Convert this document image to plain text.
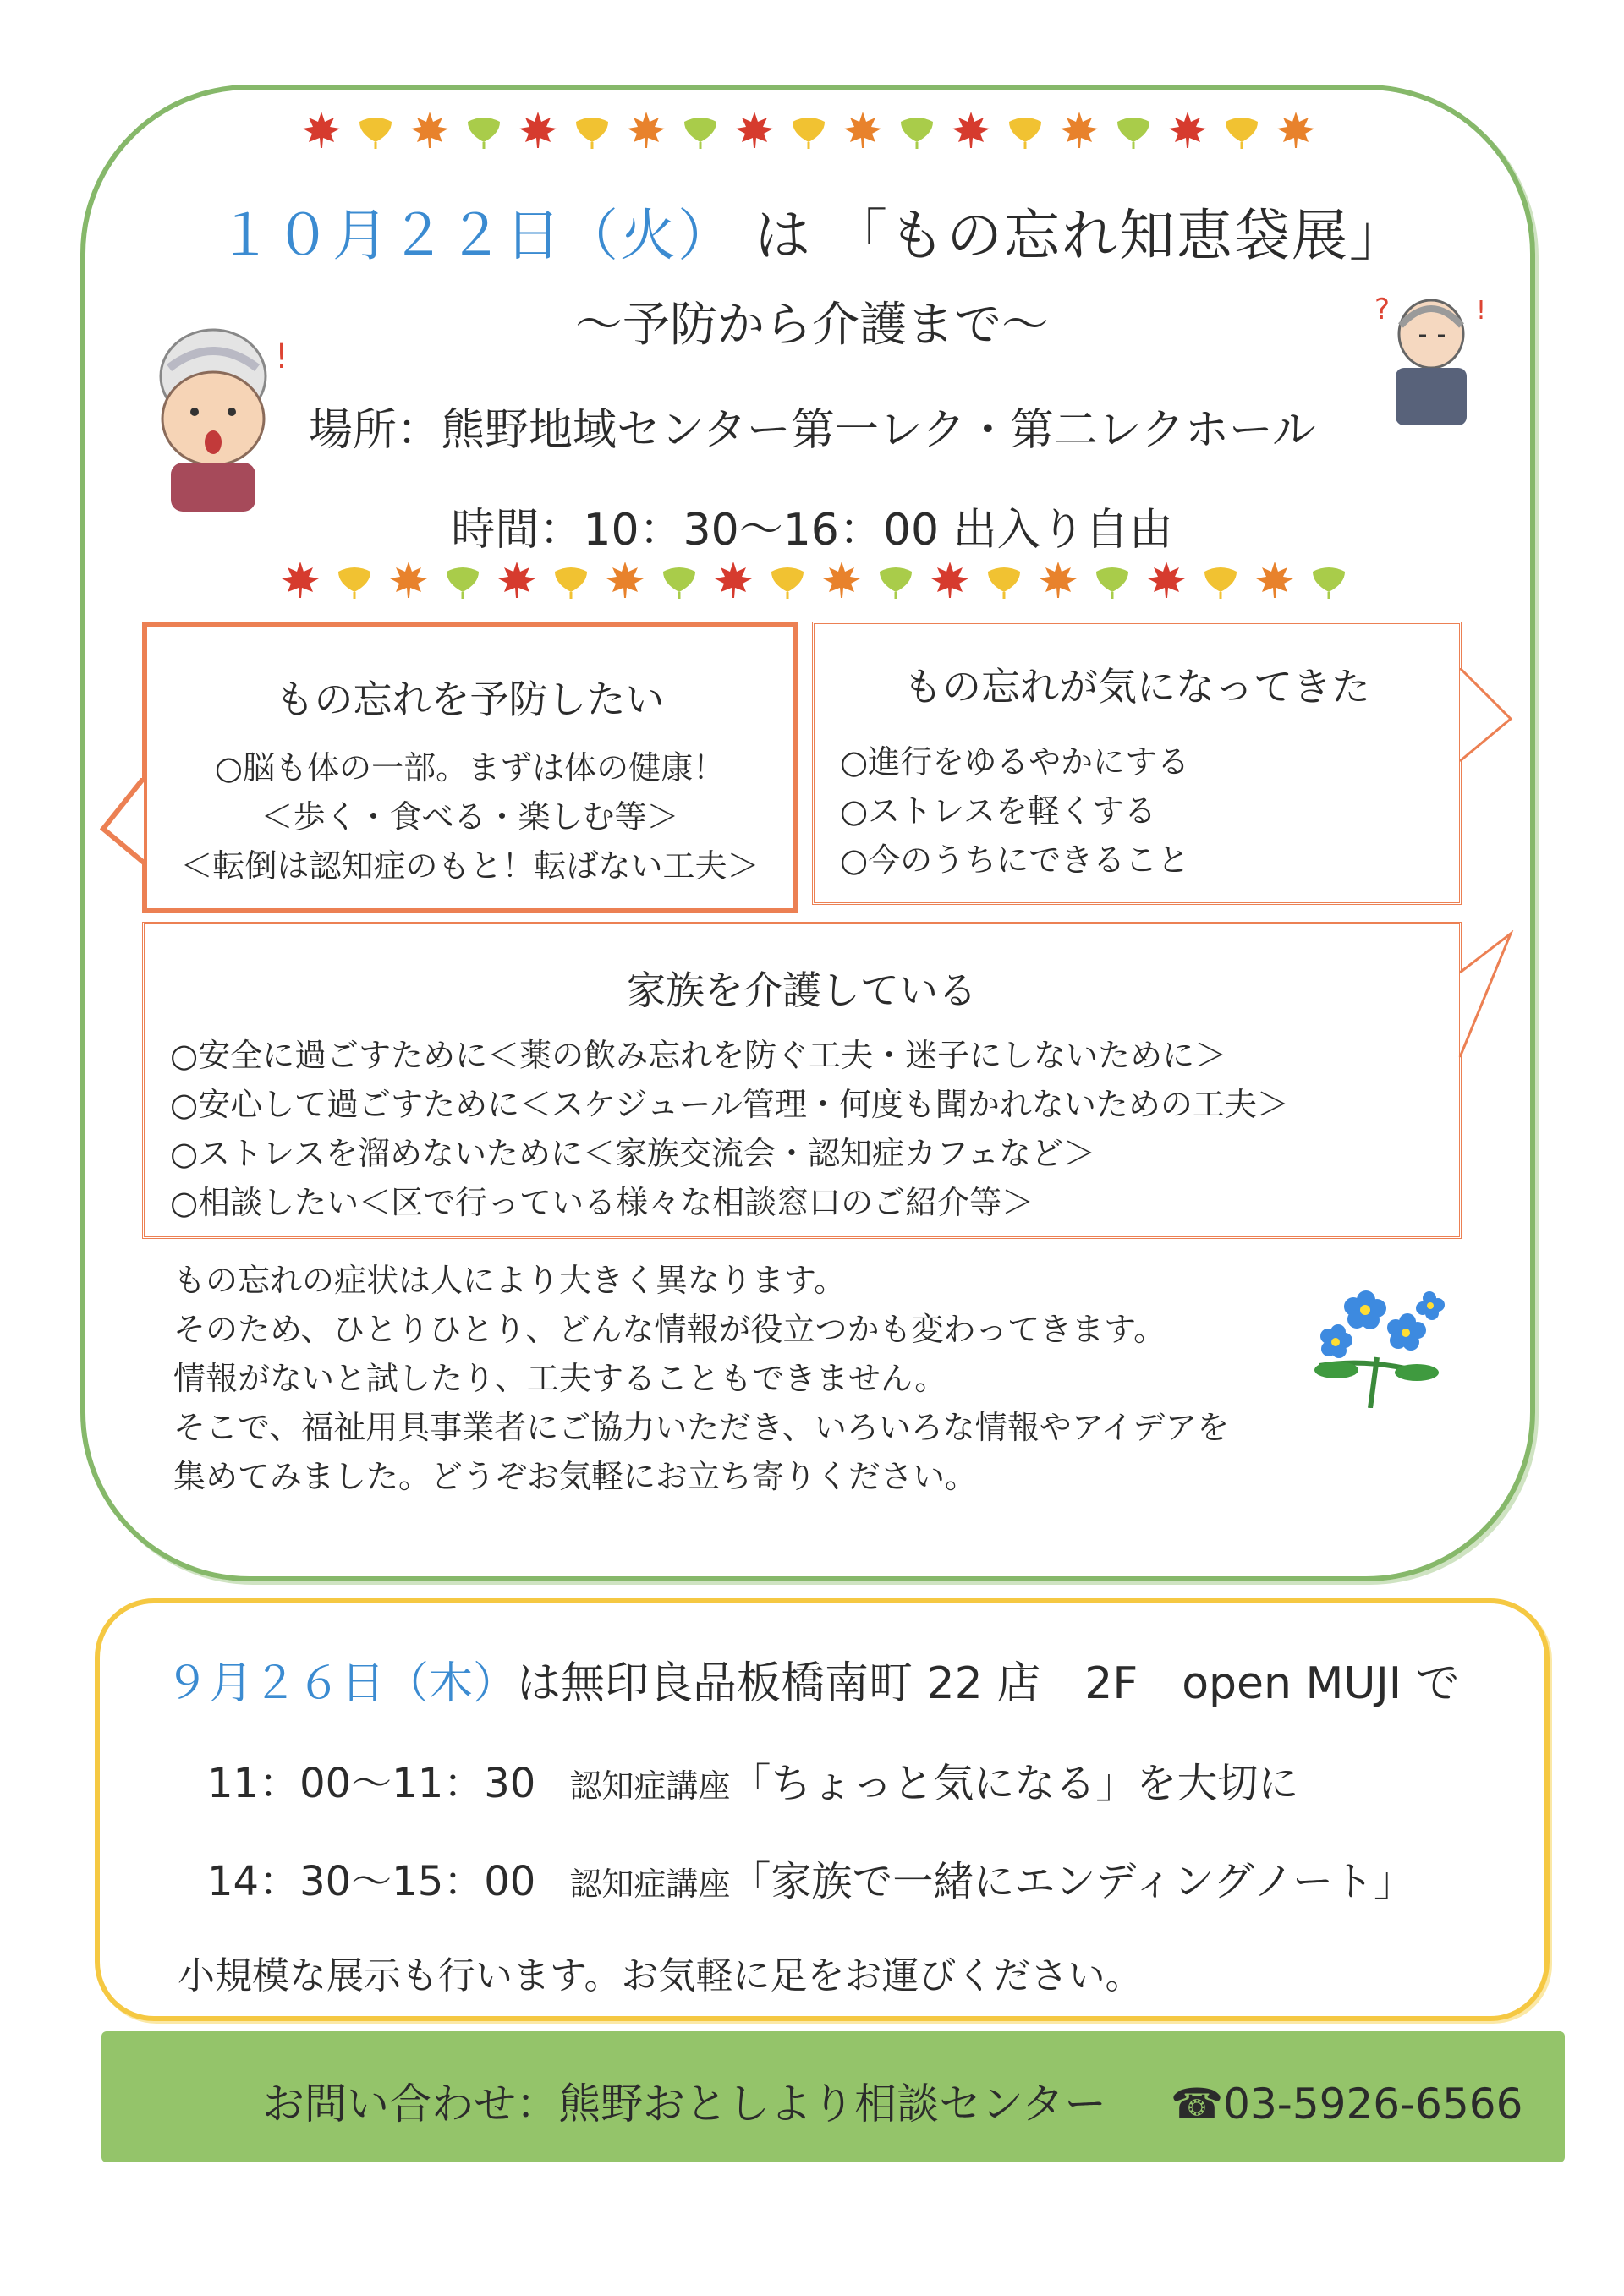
１０月２２日（火） は 「もの忘れ知恵袋展」
～予防から介護まで～
!
?	!
場所：熊野地域センター第一レク・第二レクホール
時間：10：30～16：00 出入り自由
もの忘れを予防したい

○脳も体の一部。まずは体の健康！

＜歩く・食べる・楽しむ等＞

＜転倒は認知症のもと！転ばない工夫＞

もの忘れが気になってきた

○進行をゆるやかにする

○ストレスを軽くする

○今のうちにできること

家族を介護している

○安全に過ごすために＜薬の飲み忘れを防ぐ工夫・迷子にしないために＞

○安心して過ごすために＜スケジュール管理・何度も聞かれないための工夫＞

○ストレスを溜めないために＜家族交流会・認知症カフェなど＞

○相談したい＜区で行っている様々な相談窓口のご紹介等＞

もの忘れの症状は人により大きく異なります。
そのため、ひとりひとり、どんな情報が役立つかも変わってきます。
情報がないと試したり、工夫することもできません。
そこで、福祉用具事業者にご協力いただき、いろいろな情報やアイデアを
集めてみました。どうぞお気軽にお立ち寄りください。
９月２６日（木）は無印良品板橋南町 22 店　2F　open MUJI で
11：00～11：30 認知症講座「ちょっと気になる」を大切に
14：30～15：00 認知症講座「家族で一緒にエンディングノート」
小規模な展示も行います。お気軽に足をお運びください。
お問い合わせ：熊野おとしより相談センター ☎03-5926-6566
